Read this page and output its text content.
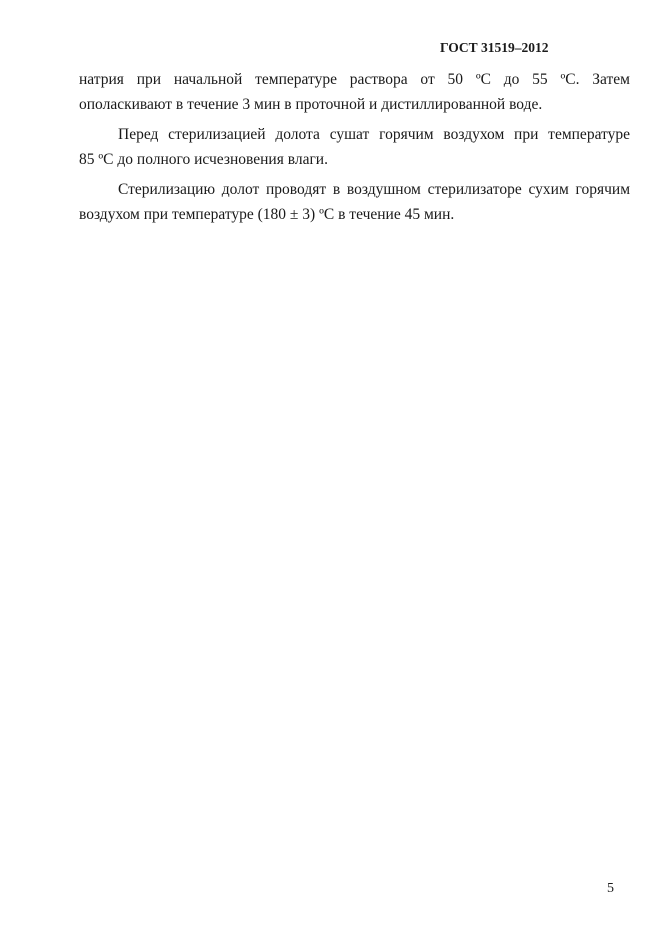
ГОСТ 31519–2012
натрия при начальной температуре раствора от 50 ºС до 55 ºС. Затем
ополаскивают в течение 3 мин в проточной и дистиллированной воде.
Перед стерилизацией долота сушат горячим воздухом при температуре
85 ºС до полного исчезновения влаги.
Стерилизацию долот проводят в воздушном стерилизаторе сухим горячим
воздухом при температуре (180 ± 3) ºС в течение 45 мин.
5
